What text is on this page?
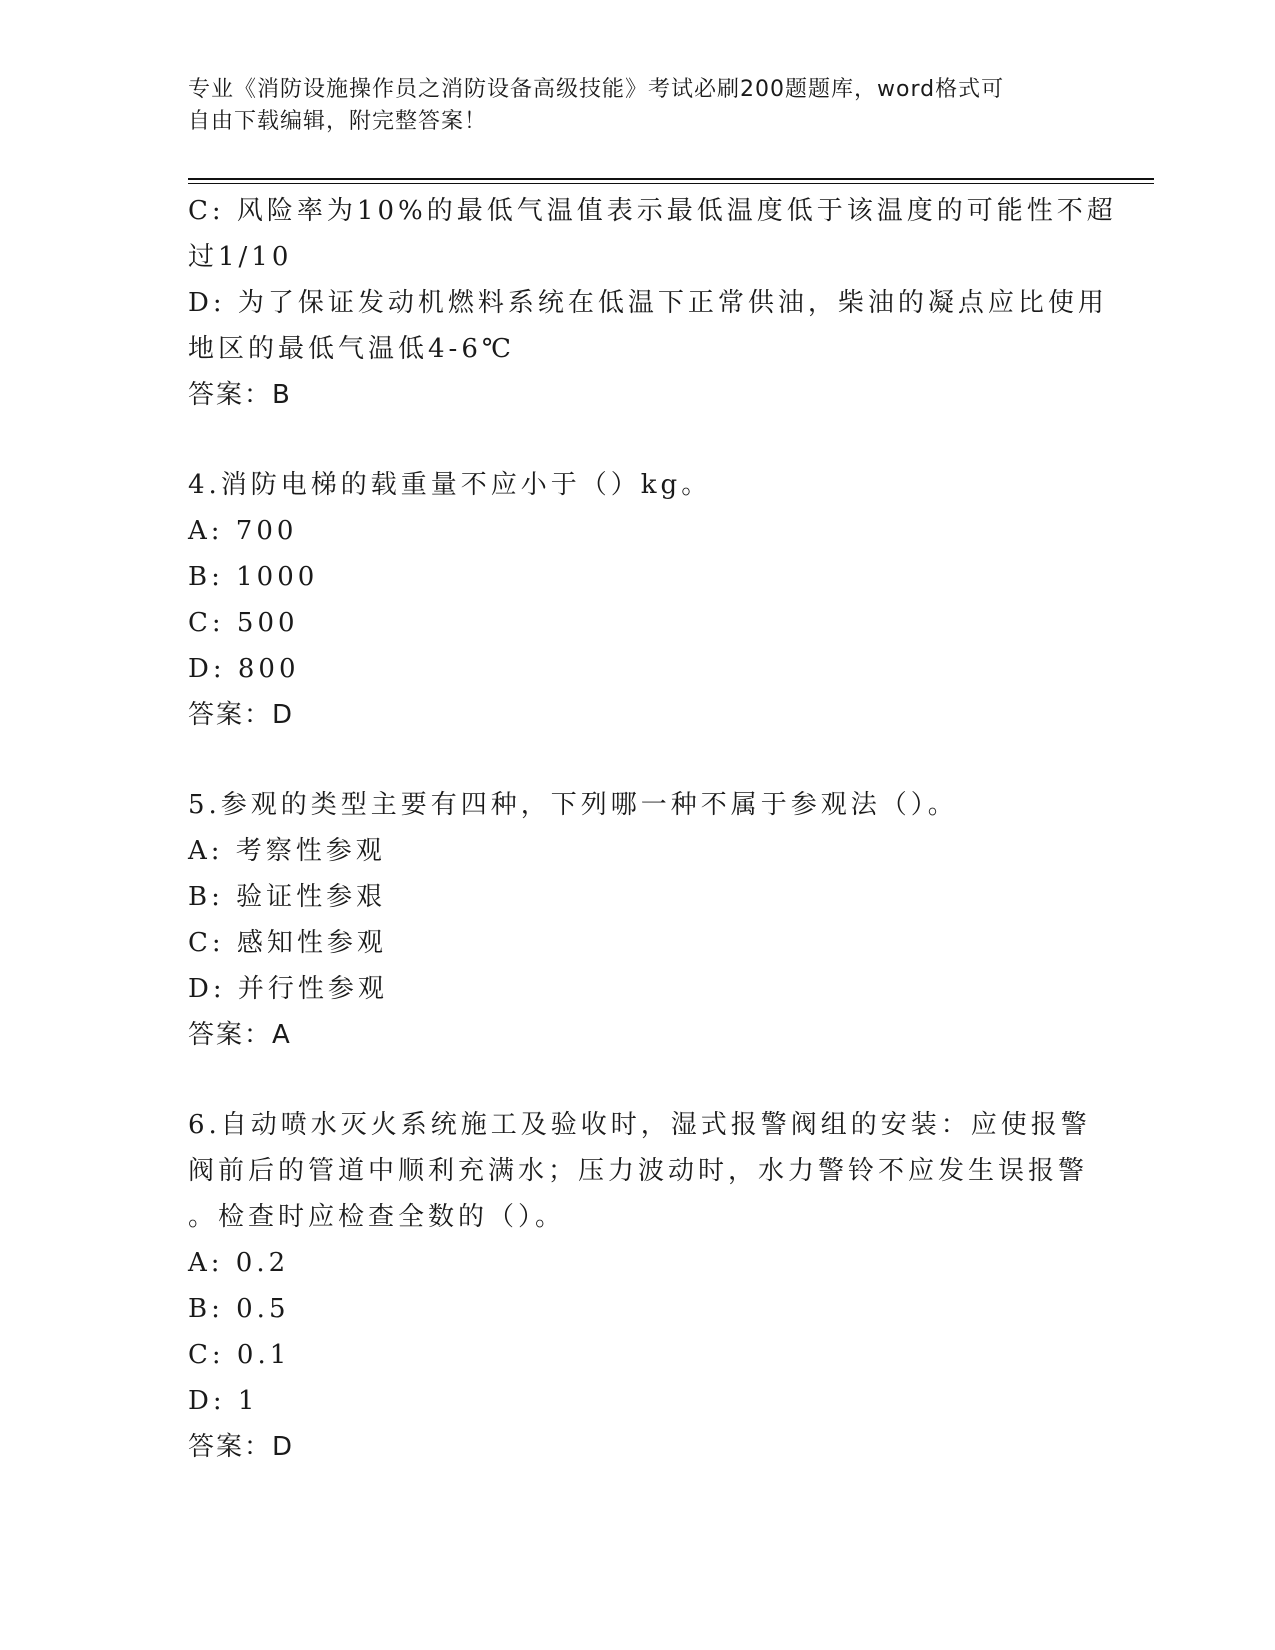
专业《消防设施操作员之消防设备高级技能》考试必刷200题题库，word格式可
自由下载编辑，附完整答案！
C: 风险率为10%的最低气温值表示最低温度低于该温度的可能性不超
过1/10
D: 为了保证发动机燃料系统在低温下正常供油，柴油的凝点应比使用
地区的最低气温低4-6℃
答案：B
4.消防电梯的载重量不应小于（）kg。
A: 700
B: 1000
C: 500
D: 800
答案：D
5.参观的类型主要有四种，下列哪一种不属于参观法（）。
A: 考察性参观
B: 验证性参艰
C: 感知性参观
D: 并行性参观
答案：A
6.自动喷水灭火系统施工及验收时，湿式报警阀组的安装：应使报警
阀前后的管道中顺利充满水；压力波动时，水力警铃不应发生误报警
。检查时应检查全数的（）。
A: 0.2
B: 0.5
C: 0.1
D: 1
答案：D
